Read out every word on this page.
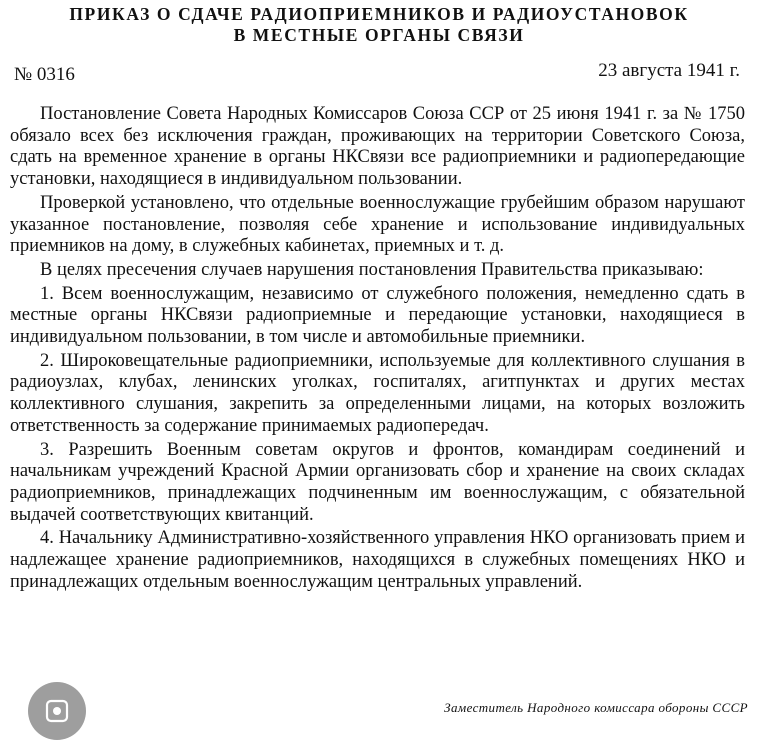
ПРИКАЗ О СДАЧЕ РАДИОПРИЕМНИКОВ И РАДИОУСТАНОВОК
В МЕСТНЫЕ ОРГАНЫ СВЯЗИ
№ 0316	23 августа 1941 г.

Постановление Совета Народных Комиссаров Союза ССР от 25 июня 1941 г. за № 1750 обязало всех без исключения граждан, проживающих на территории Советского Союза, сдать на временное хранение в органы НКСвязи все радиоприемники и радиопередающие установки, находящиеся в индивидуальном пользовании.

Проверкой установлено, что отдельные военнослужащие грубейшим образом нарушают указанное постановление, позволяя себе хранение и использование индивидуальных приемников на дому, в служебных кабинетах, приемных и т. д.

В целях пресечения случаев нарушения постановления Правительства приказываю:

1. Всем военнослужащим, независимо от служебного положения, немедленно сдать в местные органы НКСвязи радиоприемные и передающие установки, находящиеся в индивидуальном пользовании, в том числе и автомобильные приемники.

2. Широковещательные радиоприемники, используемые для коллективного слушания в радиоузлах, клубах, ленинских уголках, госпиталях, агитпунктах и других местах коллективного слушания, закрепить за определенными лицами, на которых возложить ответственность за содержание принимаемых радиопередач.

3. Разрешить Военным советам округов и фронтов, командирам соединений и начальникам учреждений Красной Армии организовать сбор и хранение на своих складах радиоприемников, принадлежащих подчиненным им военнослужащим, с обязательной выдачей соответствующих квитанций.

4. Начальнику Административно-хозяйственного управления НКО организовать прием и надлежащее хранение радиоприемников, находящихся в служебных помещениях НКО и принадлежащих отдельным военнослужащим центральных управлений.

Заместитель Народного комиссара обороны СССР
